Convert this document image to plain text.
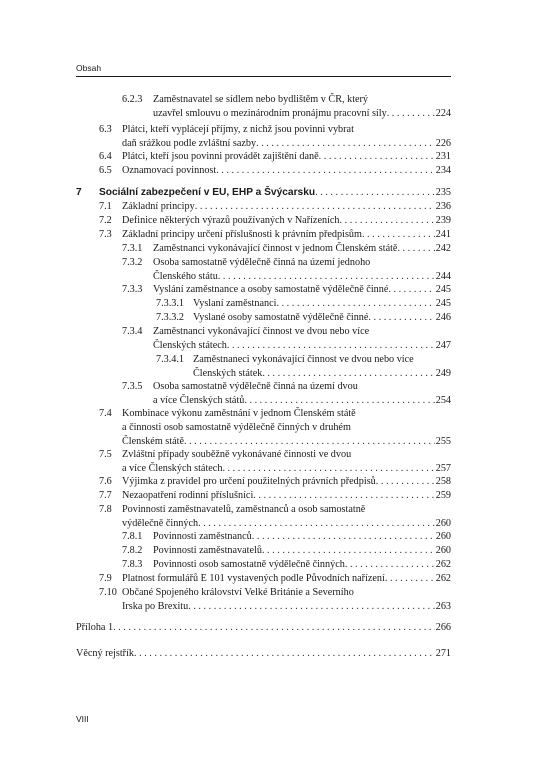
Obsah
6.2.3 Zaměstnavatel se sídlem nebo bydlištěm v ČR, který
uzavřel smlouvu o mezinárodním pronájmu pracovní síly . . .	224
6.3 Plátci, kteří vyplácejí příjmy, z nichž jsou povinni vybrat
daň srážkou podle zvláštní sazby . . .	226
6.4 Plátci, kteří jsou povinni provádět zajištění daně . . .	231
6.5 Oznamovací povinnost . . .	234
7 Sociální zabezpečení v EU, EHP a Švýcarsku . . .	235
7.1 Základní principy . . .	236
7.2 Definice některých výrazů používaných v Nařízeních . . .	239
7.3 Základní principy určení příslušnosti k právním předpisům . . .	241
7.3.1 Zaměstnanci vykonávající činnost v jednom Členském státě . . .	242
7.3.2 Osoba samostatně výdělečně činná na území jednoho
Členského státu . . .	244
7.3.3 Vyslání zaměstnance a osoby samostatně výdělečně činné . . .	245
7.3.3.1 Vyslaní zaměstnanci . . .	245
7.3.3.2 Vyslané osoby samostatně výdělečně činné . . .	246
7.3.4 Zaměstnanci vykonávající činnost ve dvou nebo více
Členských státech . . .	247
7.3.4.1 Zaměstnaneci vykonávající činnost ve dvou nebo více
Členských státek . . .	249
7.3.5 Osoba samostatně výdělečně činná na území dvou
a více Členských států . . .	254
7.4 Kombinace výkonu zaměstnání v jednom Členském státě
a činnosti osob samostatně výdělečně činných v druhém
Členském státě . . .	255
7.5 Zvláštní případy souběžně vykonávané činnosti ve dvou
a více Členských státech . . .	257
7.6 Výjimka z pravidel pro určení použitelných právních předpisů . . .	258
7.7 Nezaopatření rodinní příslušníci . . .	259
7.8 Povinnosti zaměstnavatelů, zaměstnanců a osob samostatně
výdělečně činných . . .	260
7.8.1 Povinnosti zaměstnanců . . .	260
7.8.2 Povinnosti zaměstnavatelů . . .	260
7.8.3 Povinnosti osob samostatně výdělečně činných . . .	262
7.9 Platnost formulářů E 101 vystavených podle Původních nařízení . . .	262
7.10 Občané Spojeného království Velké Británie a Severního
Irska po Brexitu . . .	263
Příloha 1 . . .	266
Věcný rejstřík . . .	271
VIII
